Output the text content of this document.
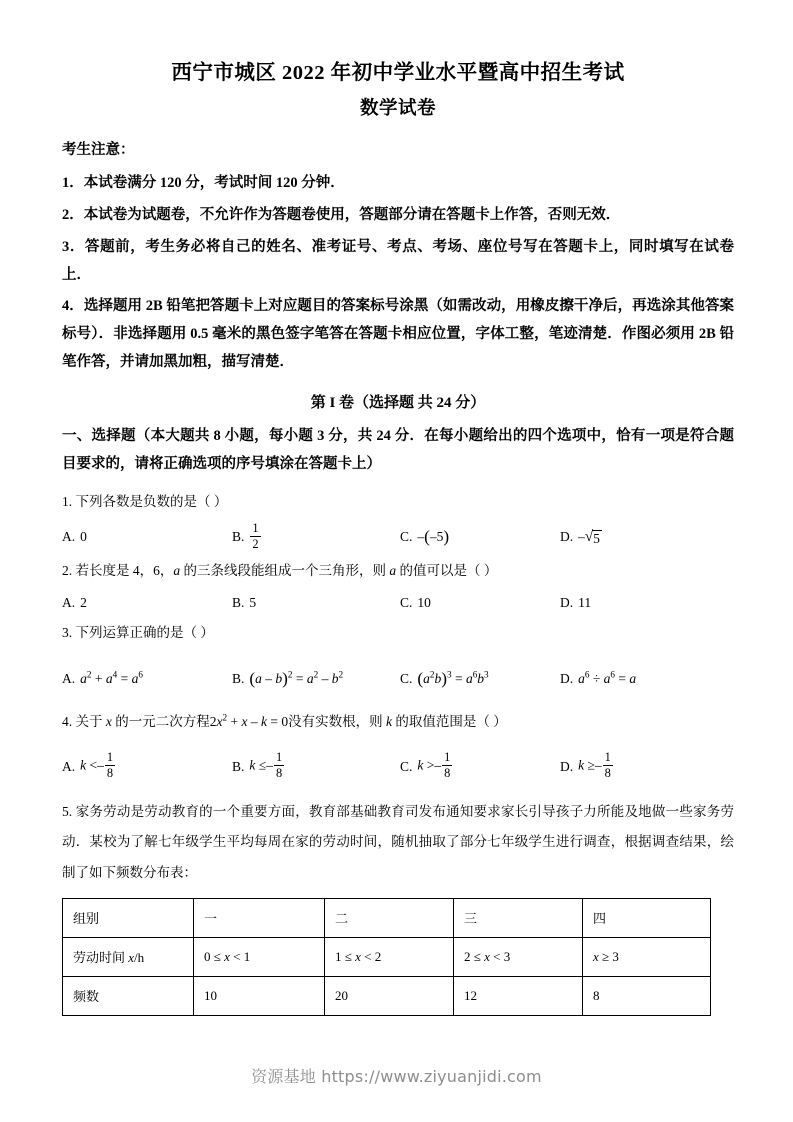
西宁市城区 2022 年初中学业水平暨高中招生考试
数学试卷
考生注意：
1．本试卷满分 120 分，考试时间 120 分钟．
2．本试卷为试题卷，不允许作为答题卷使用，答题部分请在答题卡上作答，否则无效．
3．答题前，考生务必将自己的姓名、准考证号、考点、考场、座位号写在答题卡上，同时填写在试卷上．
4．选择题用 2B 铅笔把答题卡上对应题目的答案标号涂黑（如需改动，用橡皮擦干净后，再选涂其他答案标号）．非选择题用 0.5 毫米的黑色签字笔答在答题卡相应位置，字体工整，笔迹清楚．作图必须用 2B 铅笔作答，并请加黑加粗，描写清楚．
第 I 卷（选择题 共 24 分）
一、选择题（本大题共 8 小题，每小题 3 分，共 24 分．在每小题给出的四个选项中，恰有一项是符合题目要求的，请将正确选项的序号填涂在答题卡上）
1. 下列各数是负数的是（ ）
A. 0	B. $\frac{1}{2}$	C. –(–5)	D. – √ 5
2. 若长度是 4，6，a 的三条线段能组成一个三角形，则 a 的值可以是（ ）
A. 2	B. 5	C. 10	D. 11
3. 下列运算正确的是（ ）
A. $a^2 + a^4 = a^6$	B. $(a - b)^2 = a^2 - b^2$	C. $(a^2b)^3 = a^6b^3$	D. $a^6 \div a^6 = a$
4. 关于 x 的一元二次方程$2x^2 + x - k = 0$没有实数根，则 k 的取值范围是（ ）
A. $k <- \frac{1}{8}$	B. $k \le- \frac{1}{8}$	C. $k >- \frac{1}{8}$	D. $k \ge- \frac{1}{8}$
5. 家务劳动是劳动教育的一个重要方面，教育部基础教育司发布通知要求家长引导孩子力所能及地做一些家务劳动．某校为了解七年级学生平均每周在家的劳动时间，随机抽取了部分七年级学生进行调查，根据调查结果，绘制了如下频数分布表：
组别	一	二	三	四
劳动时间 x/h	0 ≤ x < 1	1 ≤ x < 2	2 ≤ x < 3	x ≥ 3
频数	10	20	12	8
资源基地 https://www.ziyuanjidi.com
